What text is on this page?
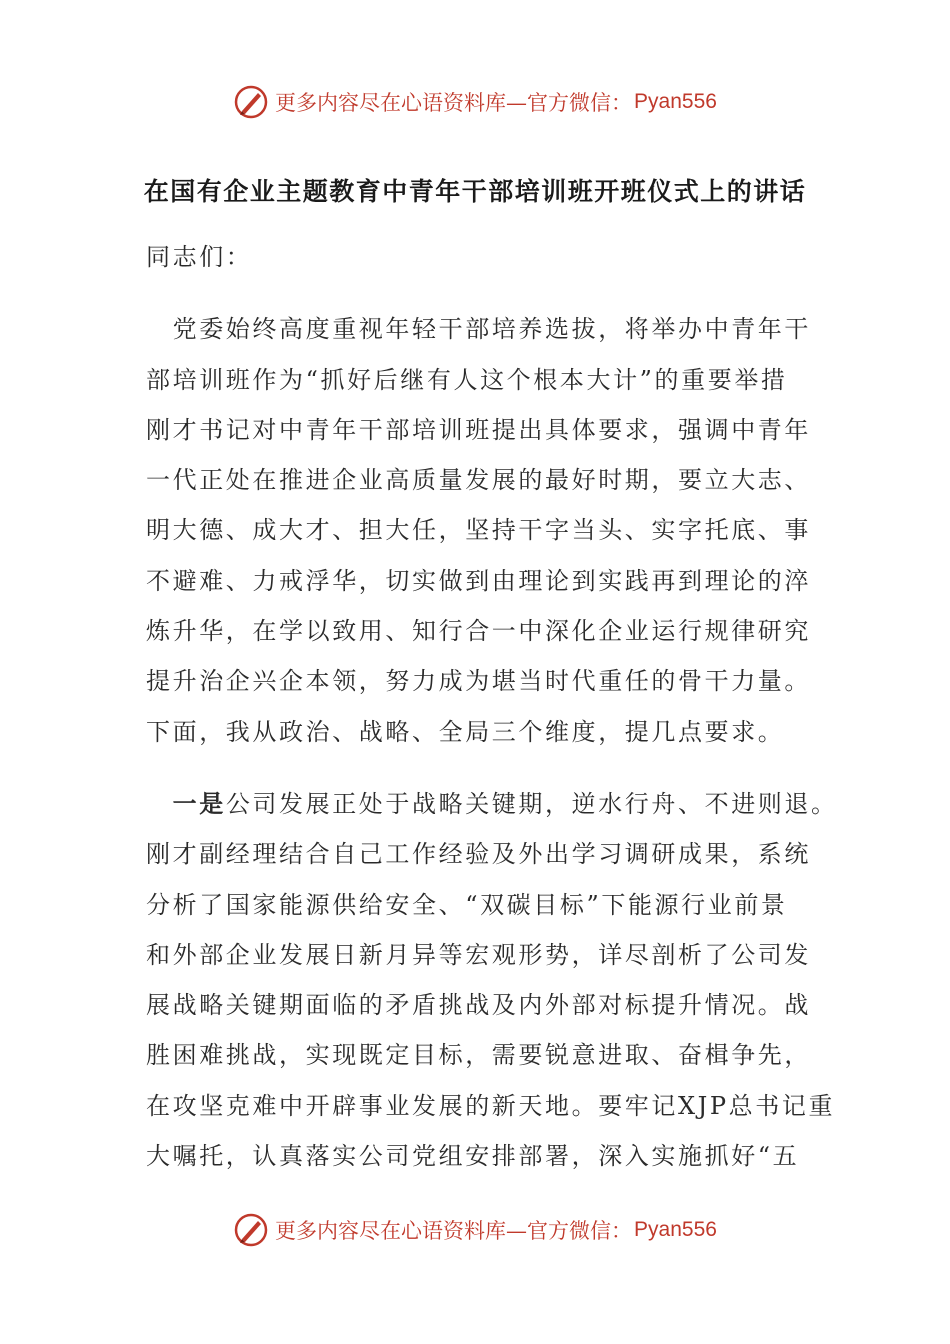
更多内容尽在心语资料库— 官方微信： Pyan556
在国有企业主题教育中青年干部培训班开班仪式上的讲话
同志们：
　党委始终高度重视年轻干部培养选拔，将举办中青年干
部培训班作为“抓好后继有人这个根本大计”的重要举措
刚才书记对中青年干部培训班提出具体要求，强调中青年
一代正处在推进企业高质量发展的最好时期，要立大志、
明大德、成大才、担大任，坚持干字当头、实字托底、事
不避难、力戒浮华，切实做到由理论到实践再到理论的淬
炼升华，在学以致用、知行合一中深化企业运行规律研究
提升治企兴企本领，努力成为堪当时代重任的骨干力量。
下面，我从政治、战略、全局三个维度，提几点要求。
　一是公司发展正处于战略关键期，逆水行舟、不进则退。
刚才副经理结合自己工作经验及外出学习调研成果，系统
分析了国家能源供给安全、“双碳目标”下能源行业前景
和外部企业发展日新月异等宏观形势，详尽剖析了公司发
展战略关键期面临的矛盾挑战及内外部对标提升情况。战
胜困难挑战，实现既定目标，需要锐意进取、奋楫争先，
在攻坚克难中开辟事业发展的新天地。要牢记XJP总书记重
大嘱托，认真落实公司党组安排部署，深入实施抓好“五
更多内容尽在心语资料库— 官方微信： Pyan556
